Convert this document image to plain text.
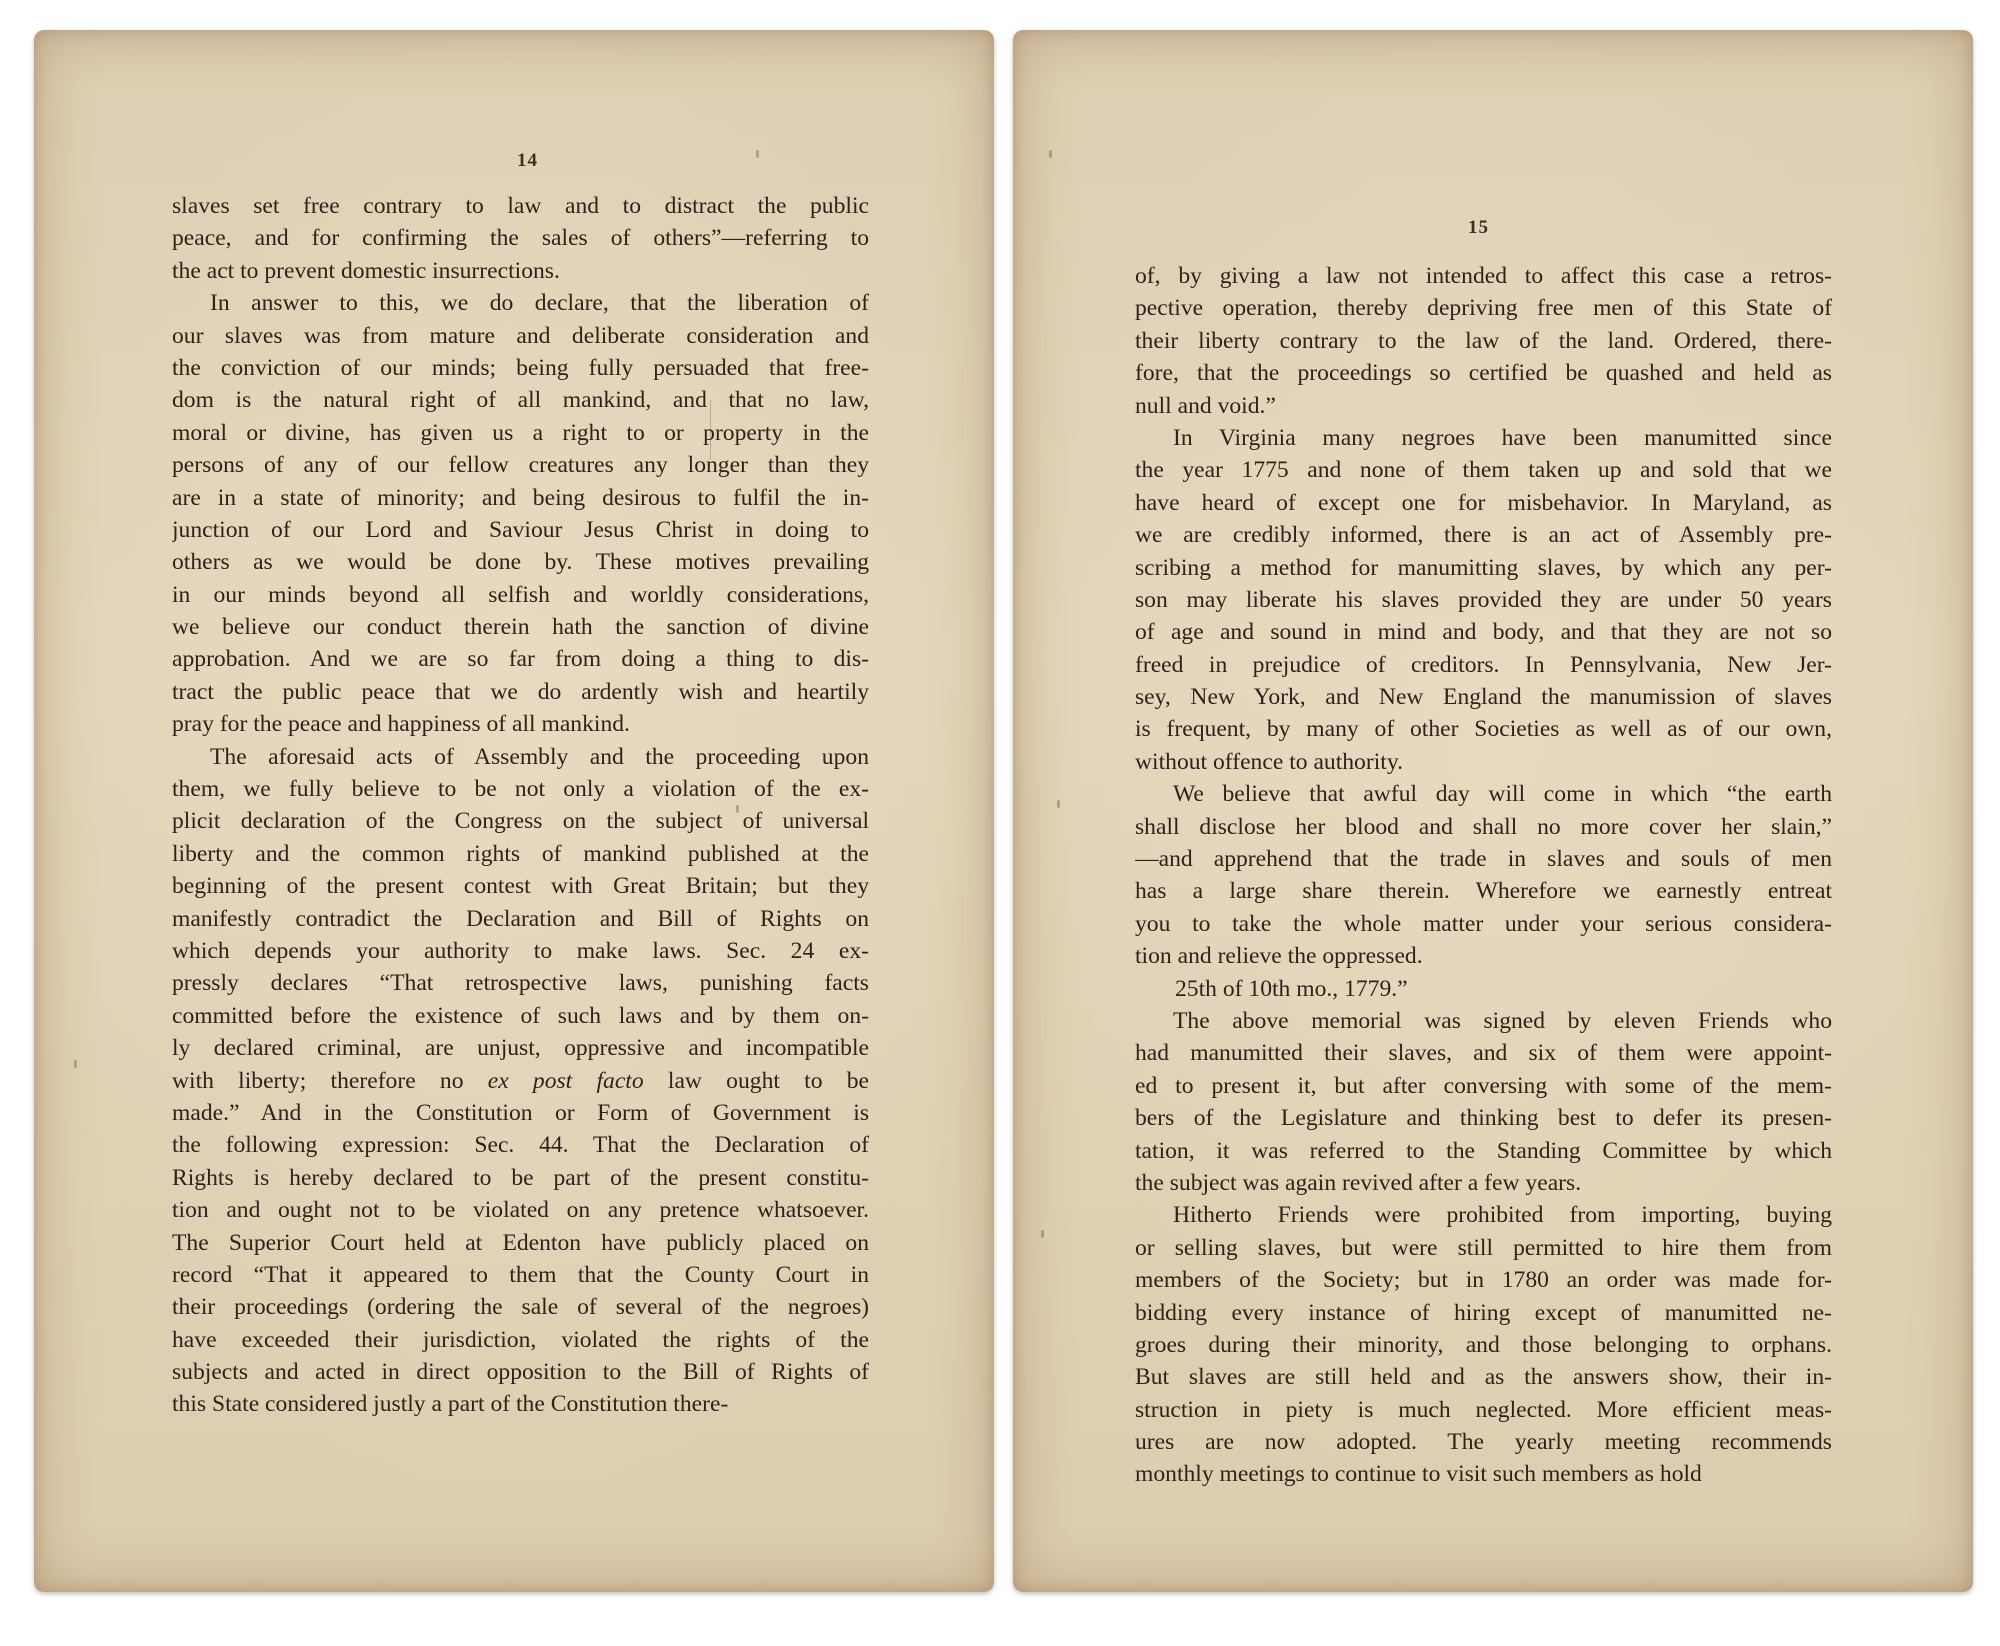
14
slaves set free contrary to law and to distract the public
peace, and for confirming the sales of others”—referring to
the act to prevent domestic insurrections.
In answer to this, we do declare, that the liberation of
our slaves was from mature and deliberate consideration and
the conviction of our minds; being fully persuaded that free-
dom is the natural right of all mankind, and that no law,
moral or divine, has given us a right to or property in the
persons of any of our fellow creatures any longer than they
are in a state of minority; and being desirous to fulfil the in-
junction of our Lord and Saviour Jesus Christ in doing to
others as we would be done by. These motives prevailing
in our minds beyond all selfish and worldly considerations,
we believe our conduct therein hath the sanction of divine
approbation. And we are so far from doing a thing to dis-
tract the public peace that we do ardently wish and heartily
pray for the peace and happiness of all mankind.
The aforesaid acts of Assembly and the proceeding upon
them, we fully believe to be not only a violation of the ex-
plicit declaration of the Congress on the subject of universal
liberty and the common rights of mankind published at the
beginning of the present contest with Great Britain; but they
manifestly contradict the Declaration and Bill of Rights on
which depends your authority to make laws. Sec. 24 ex-
pressly declares “That retrospective laws, punishing facts
committed before the existence of such laws and by them on-
ly declared criminal, are unjust, oppressive and incompatible
with liberty; therefore no ex post facto law ought to be
made.” And in the Constitution or Form of Government is
the following expression: Sec. 44. That the Declaration of
Rights is hereby declared to be part of the present constitu-
tion and ought not to be violated on any pretence whatsoever.
The Superior Court held at Edenton have publicly placed on
record “That it appeared to them that the County Court in
their proceedings (ordering the sale of several of the negroes)
have exceeded their jurisdiction, violated the rights of the
subjects and acted in direct opposition to the Bill of Rights of
this State considered justly a part of the Constitution there-
15
of, by giving a law not intended to affect this case a retros-
pective operation, thereby depriving free men of this State of
their liberty contrary to the law of the land. Ordered, there-
fore, that the proceedings so certified be quashed and held as
null and void.”
In Virginia many negroes have been manumitted since
the year 1775 and none of them taken up and sold that we
have heard of except one for misbehavior. In Maryland, as
we are credibly informed, there is an act of Assembly pre-
scribing a method for manumitting slaves, by which any per-
son may liberate his slaves provided they are under 50 years
of age and sound in mind and body, and that they are not so
freed in prejudice of creditors. In Pennsylvania, New Jer-
sey, New York, and New England the manumission of slaves
is frequent, by many of other Societies as well as of our own,
without offence to authority.
We believe that awful day will come in which “the earth
shall disclose her blood and shall no more cover her slain,”
—and apprehend that the trade in slaves and souls of men
has a large share therein. Wherefore we earnestly entreat
you to take the whole matter under your serious considera-
tion and relieve the oppressed.
25th of 10th mo., 1779.”
The above memorial was signed by eleven Friends who
had manumitted their slaves, and six of them were appoint-
ed to present it, but after conversing with some of the mem-
bers of the Legislature and thinking best to defer its presen-
tation, it was referred to the Standing Committee by which
the subject was again revived after a few years.
Hitherto Friends were prohibited from importing, buying
or selling slaves, but were still permitted to hire them from
members of the Society; but in 1780 an order was made for-
bidding every instance of hiring except of manumitted ne-
groes during their minority, and those belonging to orphans.
But slaves are still held and as the answers show, their in-
struction in piety is much neglected. More efficient meas-
ures are now adopted. The yearly meeting recommends
monthly meetings to continue to visit such members as hold
